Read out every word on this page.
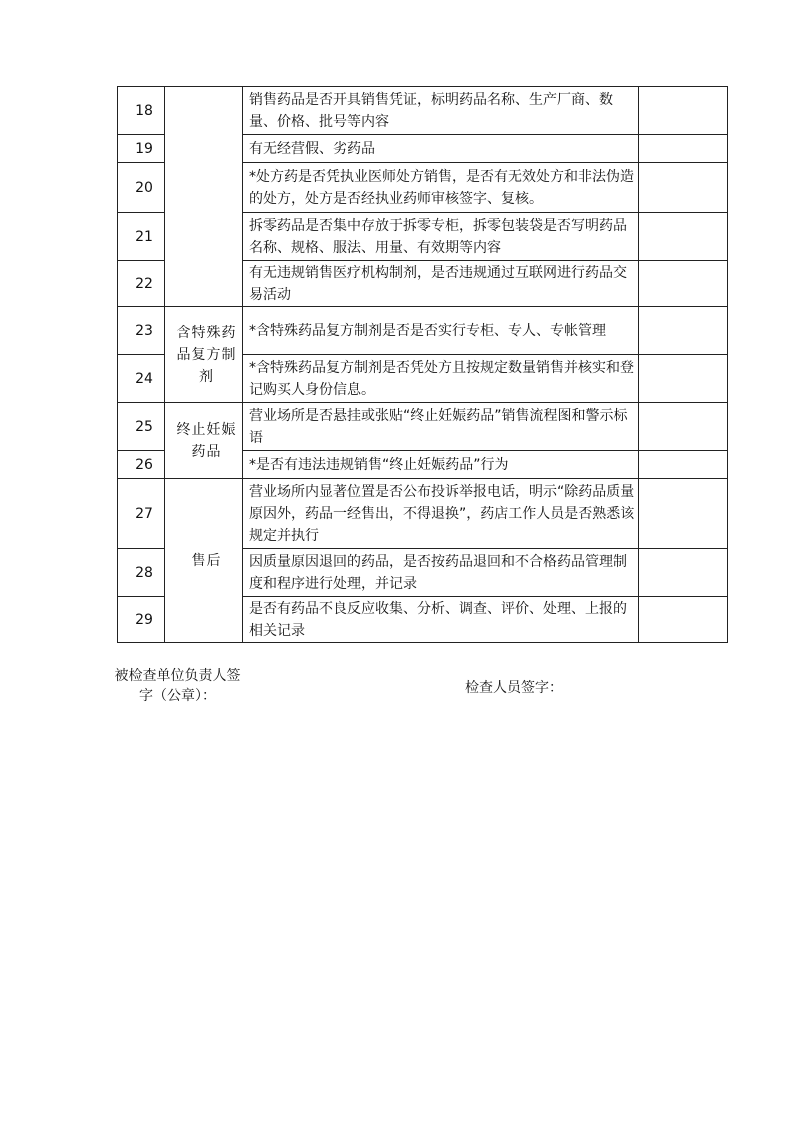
18		销售药品是否开具销售凭证，标明药品名称、生产厂商、数量、价格、批号等内容	
19		有无经营假、劣药品	
20		*处方药是否凭执业医师处方销售，是否有无效处方和非法伪造的处方，处方是否经执业药师审核签字、复核。	
21		拆零药品是否集中存放于拆零专柜，拆零包装袋是否写明药品名称、规格、服法、用量、有效期等内容	
22		有无违规销售医疗机构制剂，是否违规通过互联网进行药品交易活动	
23	含特殊药品复方制剂	*含特殊药品复方制剂是否是否实行专柜、专人、专帐管理	
24		*含特殊药品复方制剂是否凭处方且按规定数量销售并核实和登记购买人身份信息。	
25	终止妊娠药品	营业场所是否悬挂或张贴“终止妊娠药品”销售流程图和警示标语	
26		*是否有违法违规销售“终止妊娠药品”行为	
27	售后	营业场所内显著位置是否公布投诉举报电话，明示“除药品质量原因外，药品一经售出，不得退换”，药店工作人员是否熟悉该规定并执行	
28		因质量原因退回的药品，是否按药品退回和不合格药品管理制度和程序进行处理，并记录	
29		是否有药品不良反应收集、分析、调查、评价、处理、上报的相关记录	
被检查单位负责人签字（公章）：	检查人员签字：
